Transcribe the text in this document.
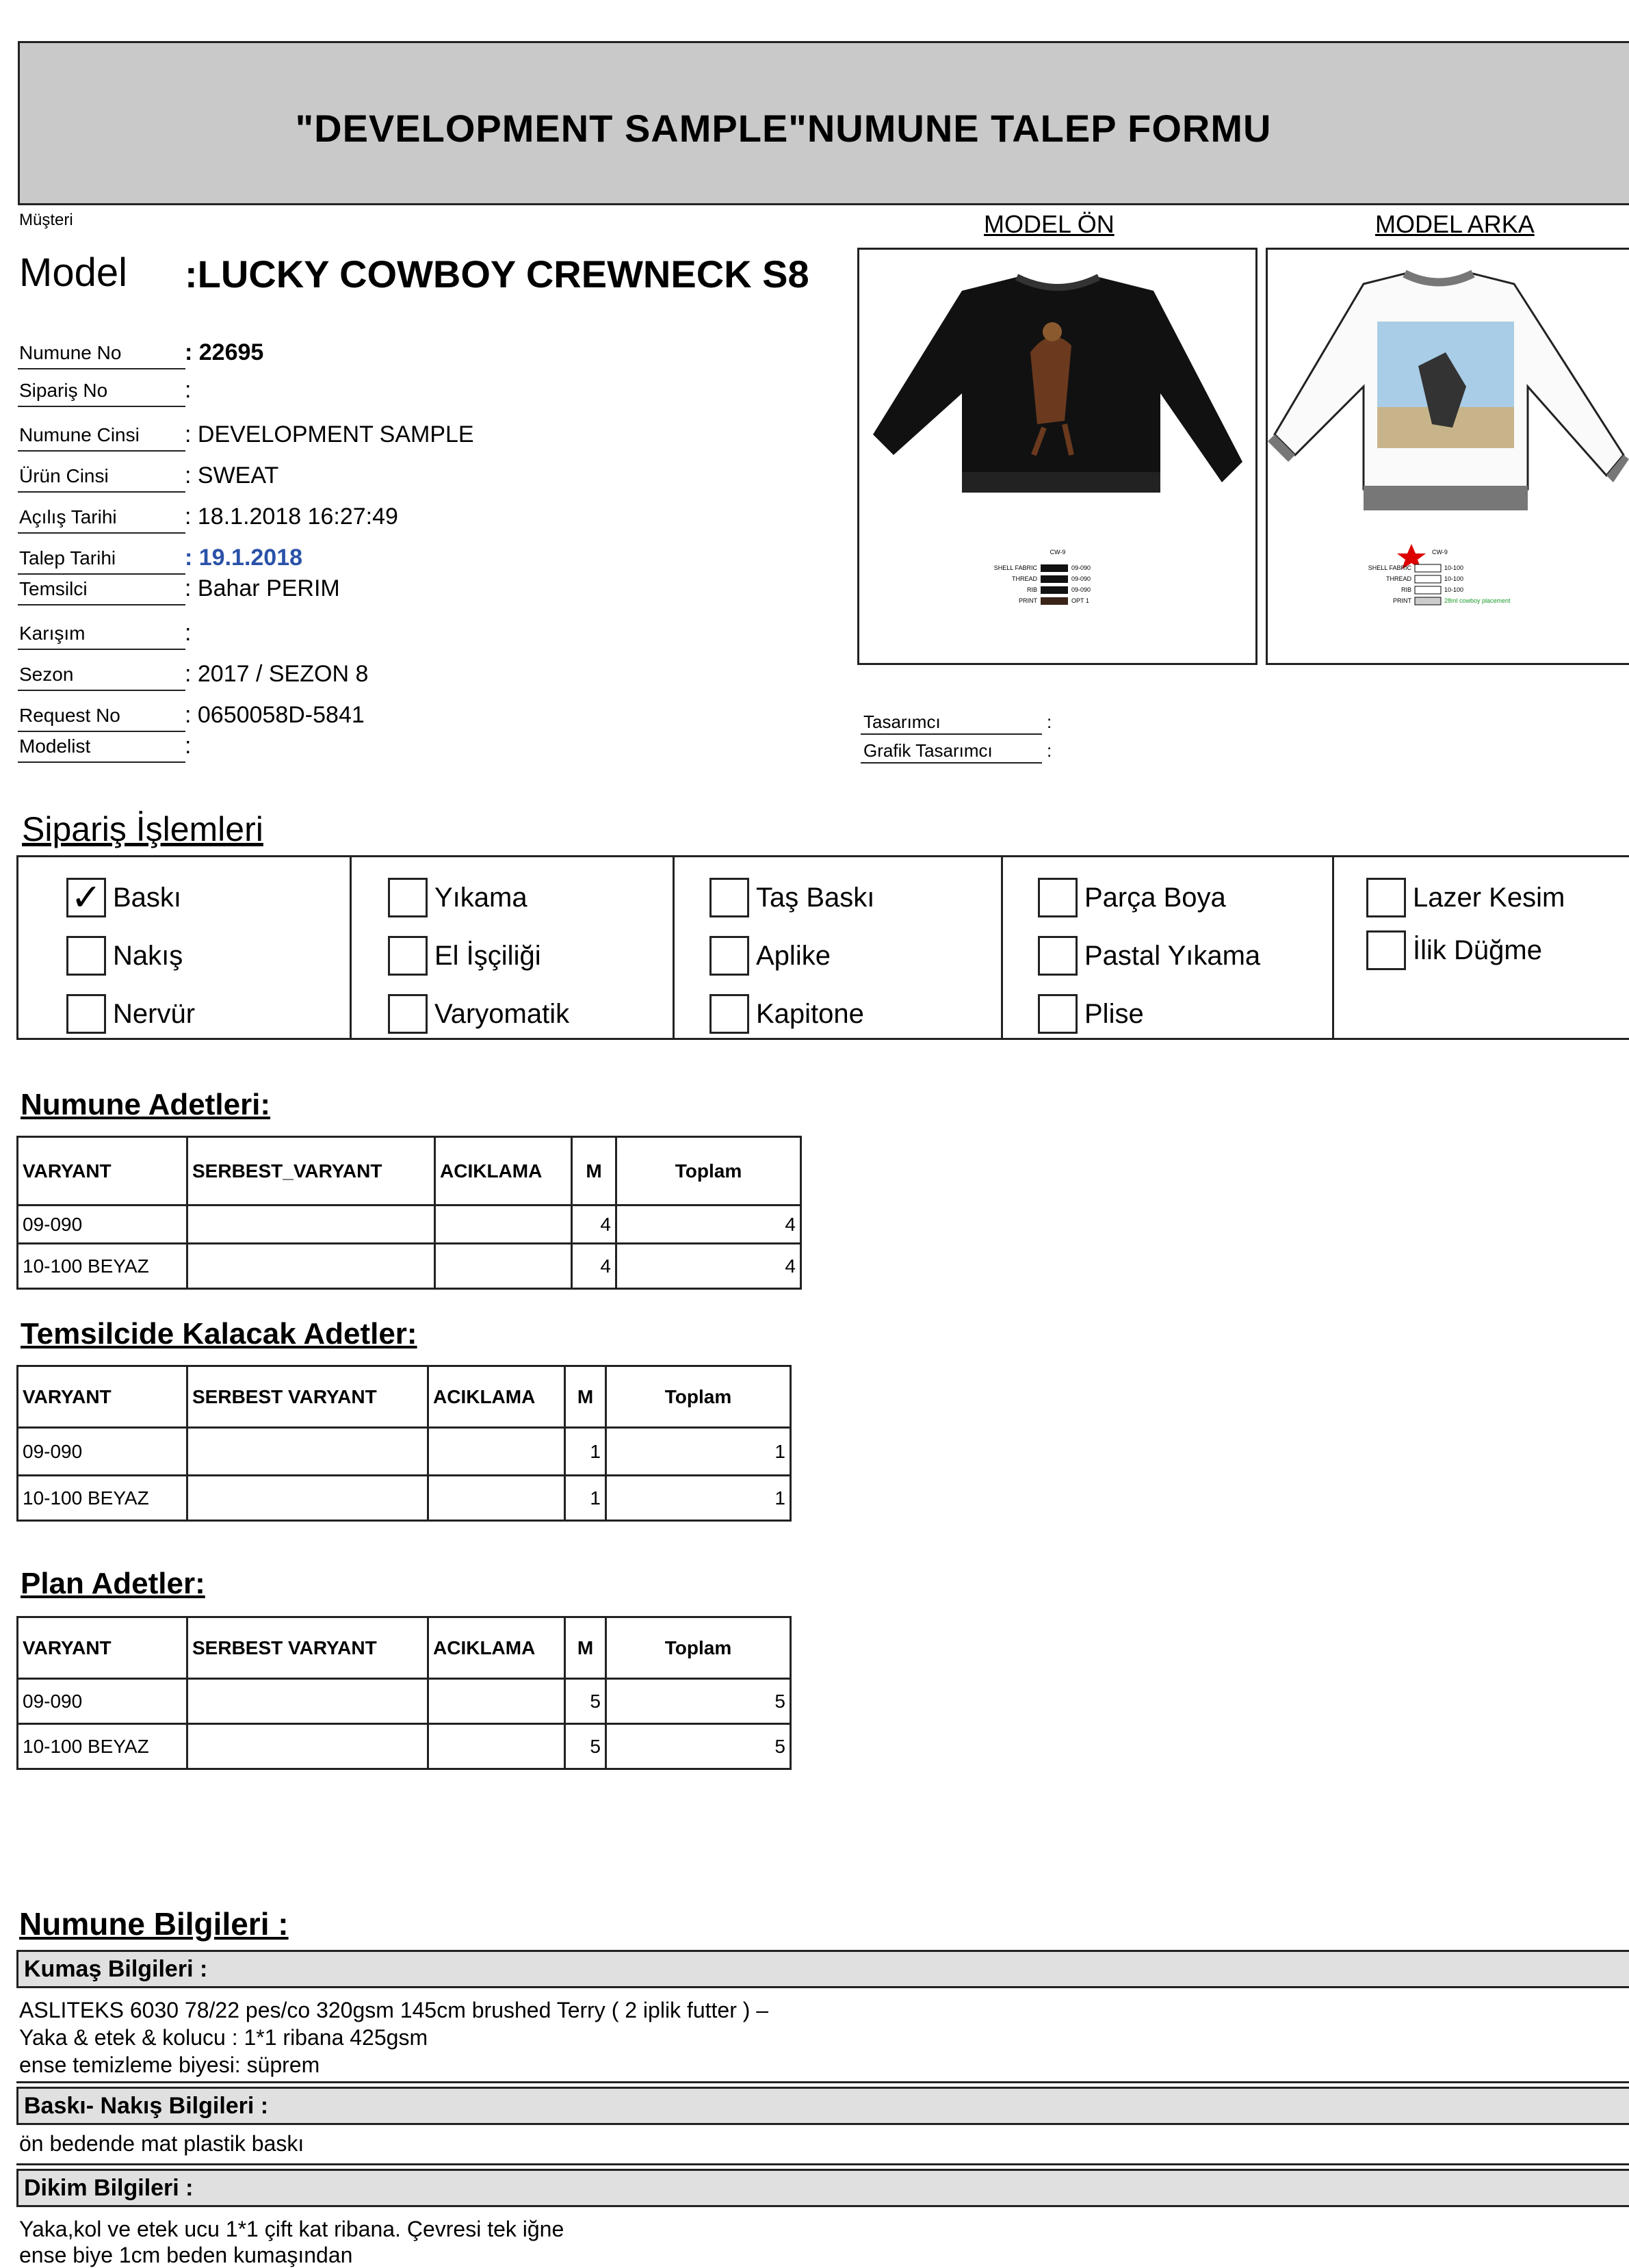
"DEVELOPMENT SAMPLE"NUMUNE TALEP FORMU
Müşteri
Model :LUCKY COWBOY CREWNECK S8
Numune No	: 22695
Sipariş No	:
Numune Cinsi : DEVELOPMENT SAMPLE
Ürün Cinsi	: SWEAT
Açılış Tarihi	: 18.1.2018 16:27:49
Talep Tarihi	: 19.1.2018
Temsilci	: Bahar PERIM
Karışım	:
Sezon	: 2017 / SEZON 8
Request No	: 0650058D-5841
Modelist	:
MODEL ÖN	MODEL ARKA
CW-9
SHELL FABRIC
THREAD
RIB
PRINT
09-090
09-090
09-090
OPT 1
CW-9
SHELL FABRIC
THREAD
RIB
PRINT
10-100
10-100
10-100
28ml cowboy placement
Tasarımcı	:
Grafik Tasarımcı	:
Sipariş İşlemleri
✓ Baskı
Nakış
Nervür
Yıkama
El İşçiliği
Varyomatik
Taş Baskı
Aplike
Kapitone
Parça Boya
Pastal Yıkama
Plise
Lazer Kesim
İlik Düğme
Numune Adetleri:
VARYANT	SERBEST_VARYANT	ACIKLAMA	M	Toplam
09-090			4	4
10-100 BEYAZ			4	4
Temsilcide Kalacak Adetler:
VARYANT	SERBEST VARYANT	ACIKLAMA	M	Toplam
09-090			1	1
10-100 BEYAZ			1	1
Plan Adetler:
VARYANT	SERBEST VARYANT	ACIKLAMA	M	Toplam
09-090			5	5
10-100 BEYAZ			5	5
Numune Bilgileri :
Kumaş Bilgileri :
ASLITEKS 6030 78/22 pes/co 320gsm 145cm brushed Terry ( 2 iplik futter ) –
Yaka & etek & kolucu : 1*1 ribana 425gsm
ense temizleme biyesi: süprem
Baskı- Nakış Bilgileri :
ön bedende mat plastik baskı
Dikim Bilgileri :
Yaka,kol ve etek ucu 1*1 çift kat ribana. Çevresi tek iğne
ense biye 1cm beden kumaşından
